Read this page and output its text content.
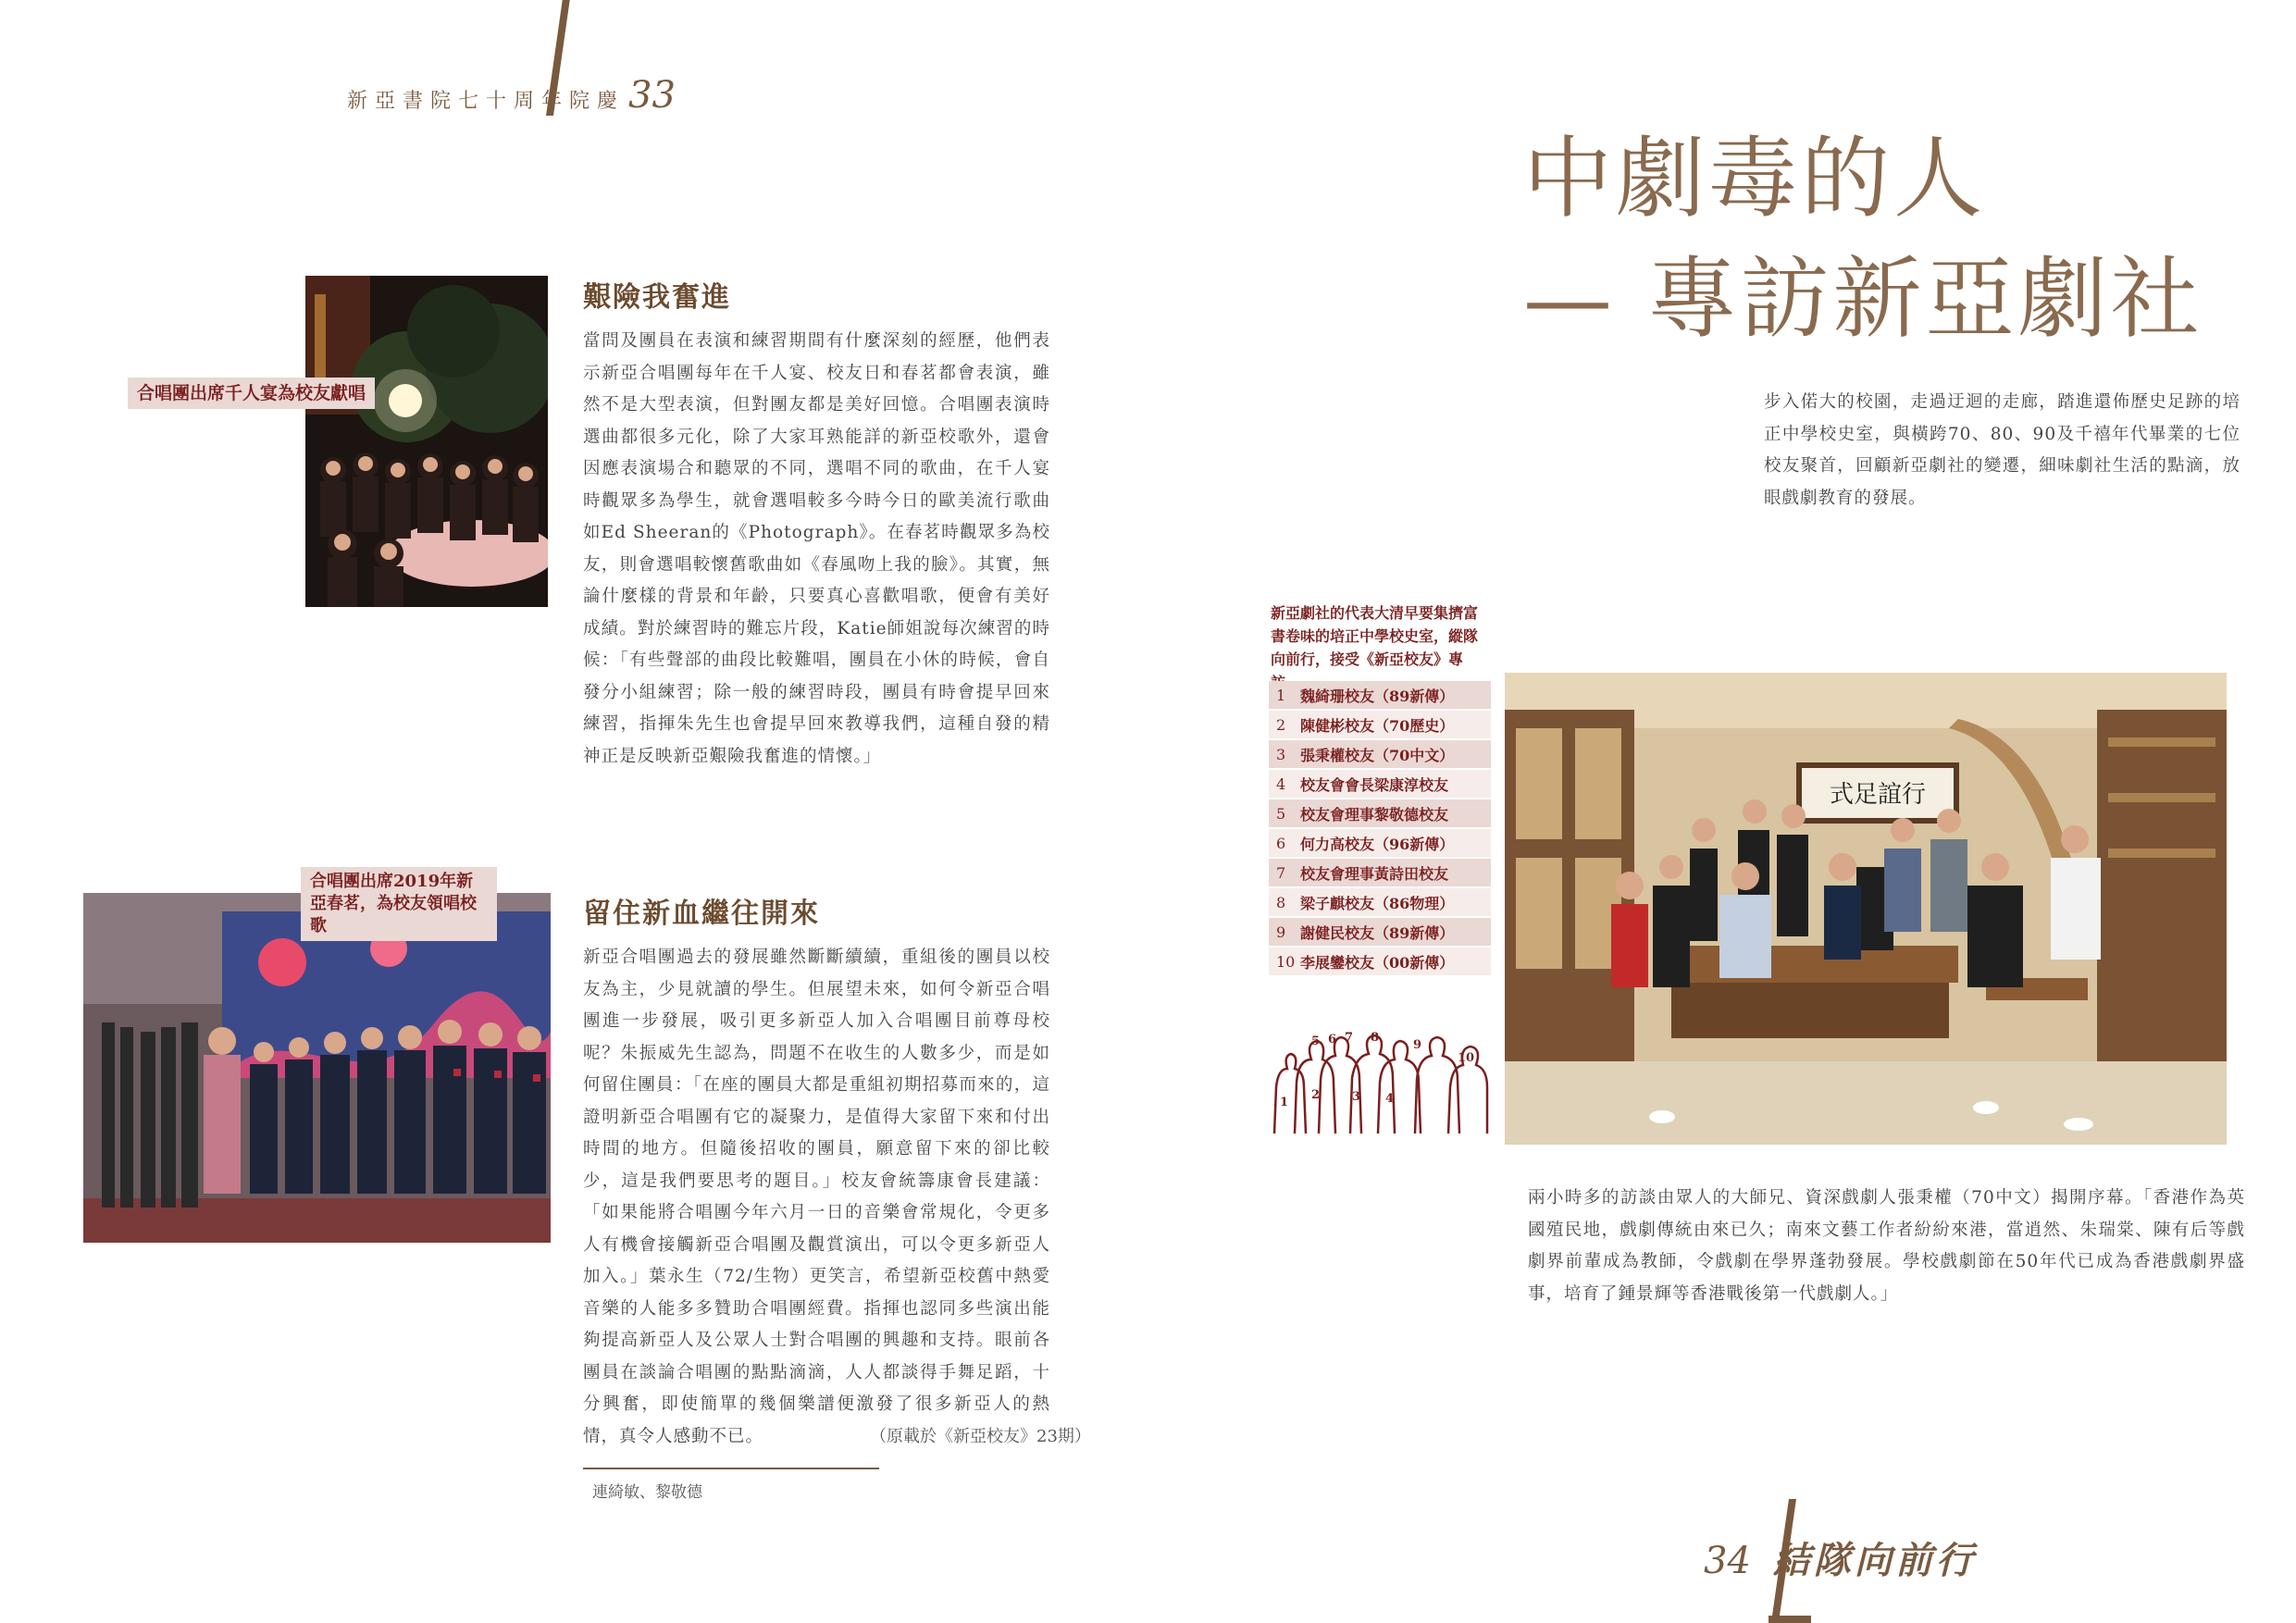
新亞書院七十周年院慶 33
合唱團出席千人宴為校友獻唱
艱險我奮進
當問及團員在表演和練習期間有什麼深刻的經歷，他們表示新亞合唱團每年在千人宴、校友日和春茗都會表演，雖然不是大型表演，但對團友都是美好回憶。合唱團表演時選曲都很多元化，除了大家耳熟能詳的新亞校歌外，還會因應表演場合和聽眾的不同，選唱不同的歌曲，在千人宴時觀眾多為學生，就會選唱較多今時今日的歐美流行歌曲如Ed Sheeran的《Photograph》。在春茗時觀眾多為校友，則會選唱較懷舊歌曲如《春風吻上我的臉》。其實，無論什麼樣的背景和年齡，只要真心喜歡唱歌，便會有美好成績。對於練習時的難忘片段，Katie師姐說每次練習的時候：「有些聲部的曲段比較難唱，團員在小休的時候，會自發分小組練習；除一般的練習時段，團員有時會提早回來練習，指揮朱先生也會提早回來教導我們，這種自發的精神正是反映新亞艱險我奮進的情懷。」
合唱團出席2019年新亞春茗，為校友領唱校歌	留住新血繼往開來
新亞合唱團過去的發展雖然斷斷續續，重組後的團員以校友為主，少見就讀的學生。但展望未來，如何令新亞合唱團進一步發展，吸引更多新亞人加入合唱團目前尊母校呢？朱振威先生認為，問題不在收生的人數多少，而是如何留住團員：「在座的團員大都是重組初期招募而來的，這證明新亞合唱團有它的凝聚力，是值得大家留下來和付出時間的地方。但隨後招收的團員，願意留下來的卻比較少，這是我們要思考的題目。」校友會統籌康會長建議：「如果能將合唱團今年六月一日的音樂會常規化，令更多人有機會接觸新亞合唱團及觀賞演出，可以令更多新亞人加入。」葉永生（72/生物）更笑言，希望新亞校舊中熱愛音樂的人能多多贊助合唱團經費。指揮也認同多些演出能夠提高新亞人及公眾人士對合唱團的興趣和支持。眼前各團員在談論合唱團的點點滴滴，人人都談得手舞足蹈，十分興奮，即使簡單的幾個樂譜便激發了很多新亞人的熱情，真令人感動不已。	（原載於《新亞校友》23期）
連綺敏、黎敬德
中劇毒的人
— 專訪新亞劇社
步入偌大的校園，走過迂迴的走廊，踏進還佈歷史足跡的培正中學校史室，與橫跨70、80、90及千禧年代畢業的七位校友聚首，回顧新亞劇社的變遷，細味劇社生活的點滴，放眼戲劇教育的發展。
新亞劇社的代表大清早要集擠富書卷味的培正中學校史室，縱隊向前行，接受《新亞校友》專
1 魏綺珊校友（89新傳）
2 陳健彬校友（70歷史）
3 張秉權校友（70中文）
4 校友會會長梁康淳校友
5 校友會理事黎敬德校友
6 何力高校友（96新傳）
7 校友會理事黃詩田校友
8 梁子麒校友（86物理）
9 謝健民校友（89新傳）
10 李展鑾校友（00新傳）
1
2	3 4
5 6 7 8
9
10
式足誼行
兩小時多的訪談由眾人的大師兄、資深戲劇人張秉權（70中文）揭開序幕。「香港作為英國殖民地，戲劇傳統由來已久；南來文藝工作者紛紛來港，當逍然、朱瑞棠、陳有后等戲劇界前輩成為教師，令戲劇在學界蓬勃發展。學校戲劇節在50年代已成為香港戲劇界盛事，培育了鍾景輝等香港戰後第一代戲劇人。」
34 結隊向前行
